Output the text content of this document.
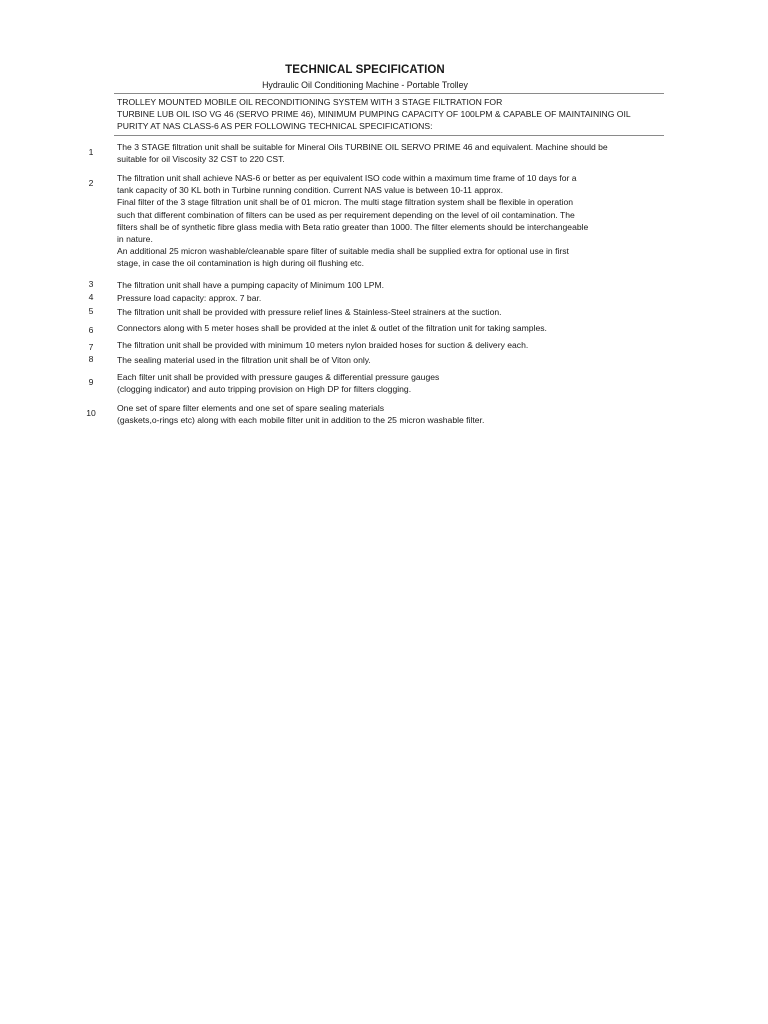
TECHNICAL SPECIFICATION
Hydraulic Oil Conditioning Machine - Portable Trolley
TROLLEY MOUNTED MOBILE OIL RECONDITIONING SYSTEM WITH 3 STAGE FILTRATION FOR
TURBINE LUB OIL ISO VG 46 (SERVO PRIME 46), MINIMUM PUMPING CAPACITY OF 100LPM & CAPABLE OF MAINTAINING OIL
PURITY AT NAS CLASS-6 AS PER FOLLOWING TECHNICAL SPECIFICATIONS:
1	The 3 STAGE filtration unit shall be suitable for Mineral Oils TURBINE OIL SERVO PRIME 46 and equivalent. Machine should be
suitable for oil Viscosity 32 CST to 220 CST.
2	The filtration unit shall achieve NAS-6 or better as per equivalent ISO code within a maximum time frame of 10 days for a
tank capacity of 30 KL both in Turbine running condition. Current NAS value is between 10-11 approx.
Final filter of the 3 stage filtration unit shall be of 01 micron. The multi stage filtration system shall be flexible in operation
such that different combination of filters can be used as per requirement depending on the level of oil contamination. The
filters shall be of synthetic fibre glass media with Beta ratio greater than 1000. The filter elements should be interchangeable
in nature.
An additional 25 micron washable/cleanable spare filter of suitable media shall be supplied extra for optional use in first
stage, in case the oil contamination is high during oil flushing etc.
3	The filtration unit shall have a pumping capacity of Minimum 100 LPM.
4	Pressure load capacity: approx. 7 bar.
5	The filtration unit shall be provided with pressure relief lines & Stainless-Steel strainers at the suction.
6	Connectors along with 5 meter hoses shall be provided at the inlet & outlet of the filtration unit for taking samples.
7	The filtration unit shall be provided with minimum 10 meters nylon braided hoses for suction & delivery each.
8	The sealing material used in the filtration unit shall be of Viton only.
9	Each filter unit shall be provided with pressure gauges & differential pressure gauges
(clogging indicator) and auto tripping provision on High DP for filters clogging.
10	One set of spare filter elements and one set of spare sealing materials
(gaskets,o-rings etc) along with each mobile filter unit in addition to the 25 micron washable filter.
